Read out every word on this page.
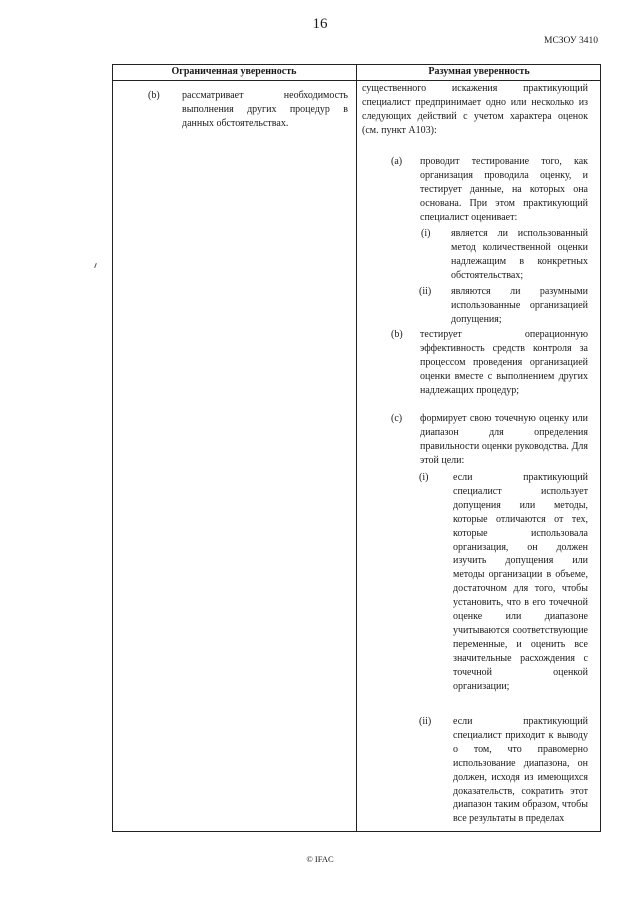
16
МСЗОУ 3410
Ограниченная уверенность	Разумная уверенность
(b) рассматривает необходимость выполнения других процедур в данных обстоятельствах.
существенного искажения практикующий специалист предпринимает одно или несколько из следующих действий с учетом характера оценок (см. пункт A103):
(a) проводит тестирование того, как организация проводила оценку, и тестирует данные, на которых она основана. При этом практикующий специалист оценивает:
(i) является ли использованный метод количественной оценки надлежащим в конкретных обстоятельствах;
(ii) являются ли разумными использованные организацией допущения;
(b) тестирует операционную эффективность средств контроля за процессом проведения организацией оценки вместе с выполнением других надлежащих процедур;
(c) формирует свою точечную оценку или диапазон для определения правильности оценки руководства. Для этой цели:
(i) если практикующий специалист использует допущения или методы, которые отличаются от тех, которые использовала организация, он должен изучить допущения или методы организации в объеме, достаточном для того, чтобы установить, что в его точечной оценке или диапазоне учитываются соответствующие переменные, и оценить все значительные расхождения с точечной оценкой организации;
(ii) если практикующий специалист приходит к выводу о том, что правомерно использование диапазона, он должен, исходя из имеющихся доказательств, сократить этот диапазон таким образом, чтобы все результаты в пределах
© IFAC
